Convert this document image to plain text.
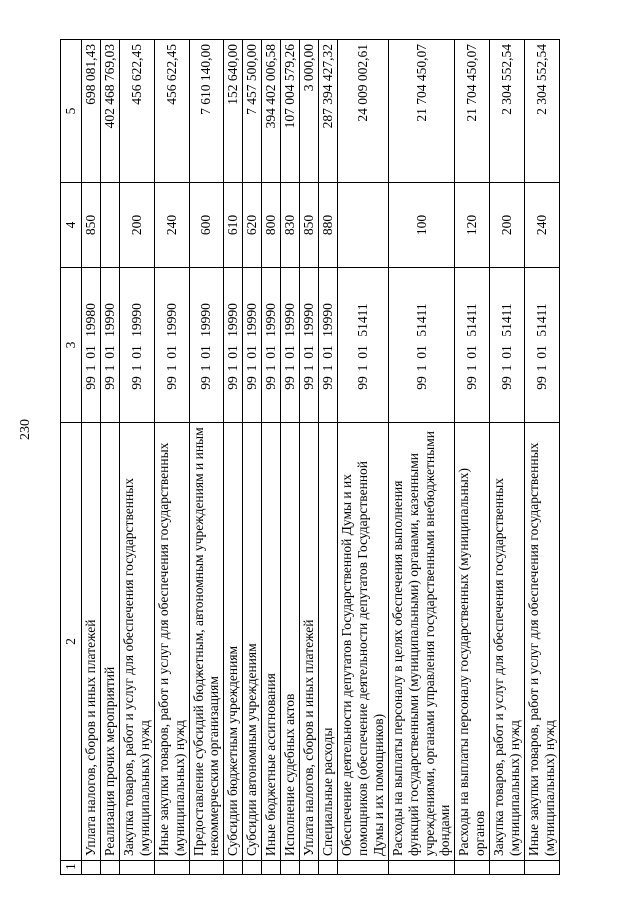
230
1	2	3	4	5
	Уплата налогов, сборов и иных платежей	9910119980	850	698 081,43
	Реализация прочих мероприятий	9910119990		402 468 769,03
	Закупка товаров, работ и услуг для обеспечения государственных (муниципальных) нужд	9910119990	200	456 622,45
	Иные закупки товаров, работ и услуг для обеспечения государственных (муниципальных) нужд	9910119990	240	456 622,45
	Предоставление субсидий бюджетным, автономным учреждениям и иным некоммерческим организациям	9910119990	600	7 610 140,00
	Субсидии бюджетным учреждениям	9910119990	610	152 640,00
	Субсидии автономным учреждениям	9910119990	620	7 457 500,00
	Иные бюджетные ассигнования	9910119990	800	394 402 006,58
	Исполнение судебных актов	9910119990	830	107 004 579,26
	Уплата налогов, сборов и иных платежей	9910119990	850	3 000,00
	Специальные расходы	9910119990	880	287 394 427,32
	Обеспечение деятельности депутатов Государственной Думы и их помощников (обеспечение деятельности депутатов Государственной Думы и их помощников)	9910151411		24 009 002,61
	Расходы на выплаты персоналу в целях обеспечения выполнения функций государственными (муниципальными) органами, казенными учреждениями, органами управления государственными внебюджетными фондами	9910151411	100	21 704 450,07
	Расходы на выплаты персоналу государственных (муниципальных) органов	9910151411	120	21 704 450,07
	Закупка товаров, работ и услуг для обеспечения государственных (муниципальных) нужд	9910151411	200	2 304 552,54
	Иные закупки товаров, работ и услуг для обеспечения государственных (муниципальных) нужд	9910151411	240	2 304 552,54
